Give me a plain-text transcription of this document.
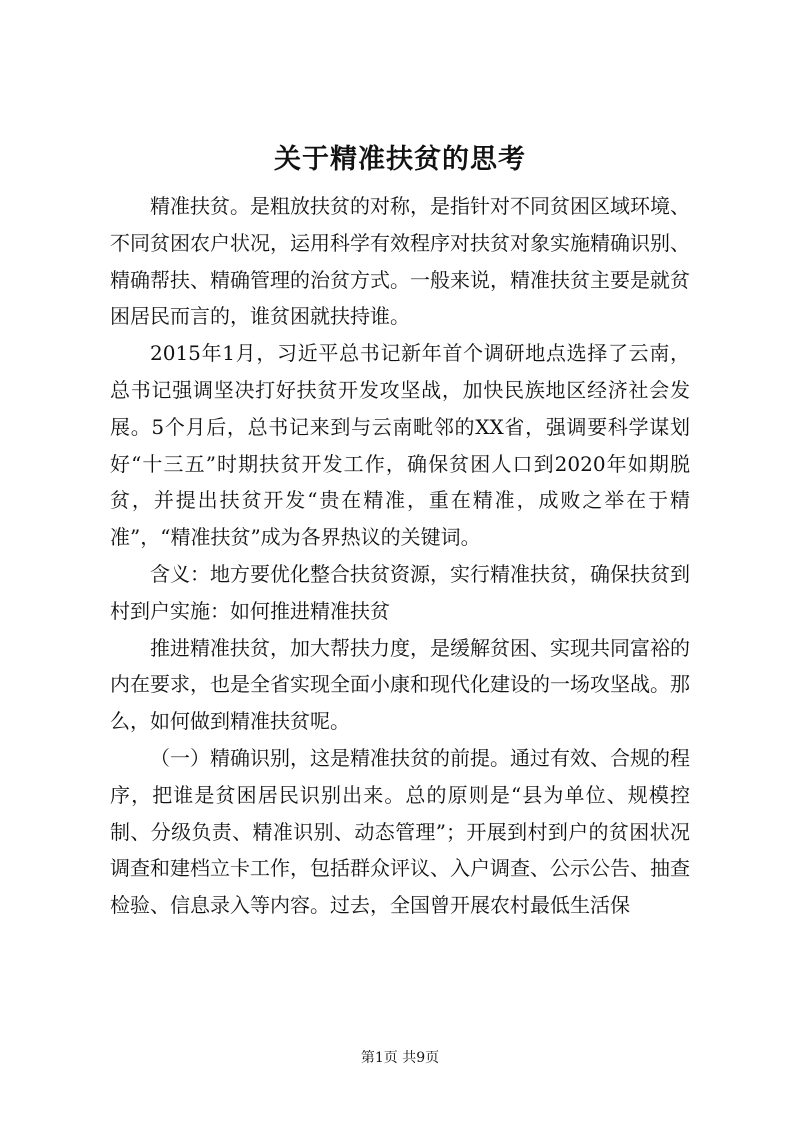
关于精准扶贫的思考

精准扶贫。是粗放扶贫的对称，是指针对不同贫困区域环境、不同贫困农户状况，运用科学有效程序对扶贫对象实施精确识别、精确帮扶、精确管理的治贫方式。一般来说，精准扶贫主要是就贫困居民而言的，谁贫困就扶持谁。

2015年1月，习近平总书记新年首个调研地点选择了云南，总书记强调坚决打好扶贫开发攻坚战，加快民族地区经济社会发展。5个月后，总书记来到与云南毗邻的XX省，强调要科学谋划好“十三五”时期扶贫开发工作，确保贫困人口到2020年如期脱贫，并提出扶贫开发“贵在精准，重在精准，成败之举在于精准”，“精准扶贫”成为各界热议的关键词。

含义：地方要优化整合扶贫资源，实行精准扶贫，确保扶贫到村到户实施：如何推进精准扶贫

推进精准扶贫，加大帮扶力度，是缓解贫困、实现共同富裕的内在要求，也是全省实现全面小康和现代化建设的一场攻坚战。那么，如何做到精准扶贫呢。

（一）精确识别，这是精准扶贫的前提。通过有效、合规的程序，把谁是贫困居民识别出来。总的原则是“县为单位、规模控制、分级负责、精准识别、动态管理”；开展到村到户的贫困状况调查和建档立卡工作，包括群众评议、入户调查、公示公告、抽查检验、信息录入等内容。过去，全国曾开展农村最低生活保

第1页 共9页
